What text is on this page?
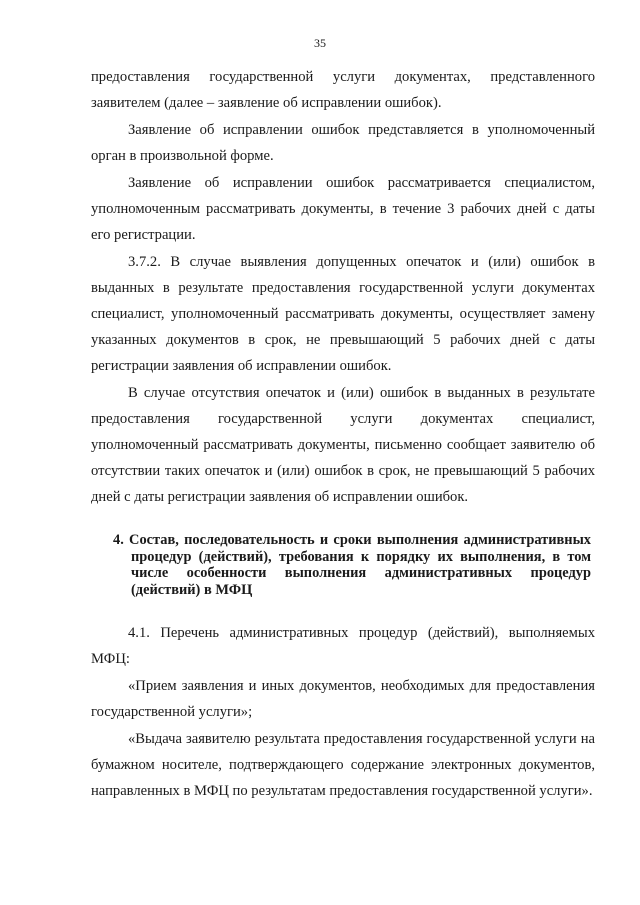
35

предоставления государственной услуги документах, представленного заявителем (далее – заявление об исправлении ошибок).

Заявление об исправлении ошибок представляется в уполномоченный орган в произвольной форме.

Заявление об исправлении ошибок рассматривается специалистом, уполномоченным рассматривать документы, в течение 3 рабочих дней с даты его регистрации.

3.7.2. В случае выявления допущенных опечаток и (или) ошибок в выданных в результате предоставления государственной услуги документах специалист, уполномоченный рассматривать документы, осуществляет замену указанных документов в срок, не превышающий 5 рабочих дней с даты регистрации заявления об исправлении ошибок.

В случае отсутствия опечаток и (или) ошибок в выданных в результате предоставления государственной услуги документах специалист, уполномоченный рассматривать документы, письменно сообщает заявителю об отсутствии таких опечаток и (или) ошибок в срок, не превышающий 5 рабочих дней с даты регистрации заявления об исправлении ошибок.

4. Состав, последовательность и сроки выполнения административных процедур (действий), требования к порядку их выполнения, в том числе особенности выполнения административных процедур (действий) в МФЦ

4.1. Перечень административных процедур (действий), выполняемых МФЦ:

«Прием заявления и иных документов, необходимых для предоставления государственной услуги»;

«Выдача заявителю результата предоставления государственной услуги на бумажном носителе, подтверждающего содержание электронных документов, направленных в МФЦ по результатам предоставления государственной услуги».
